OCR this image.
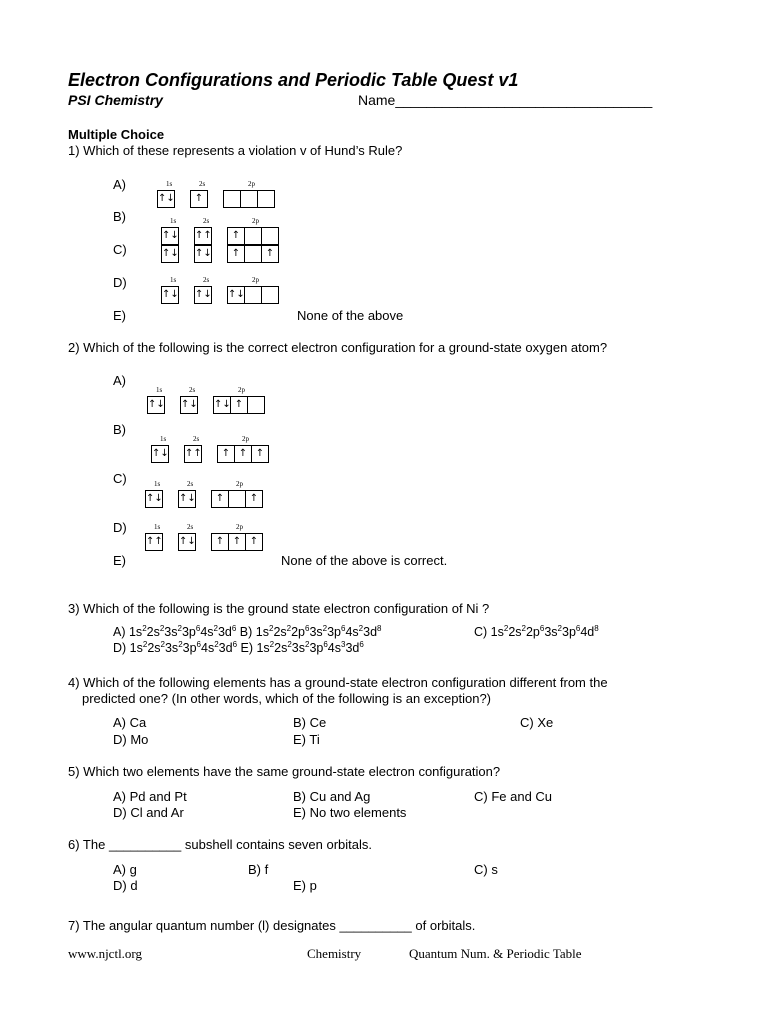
Electron Configurations and Periodic Table Quest v1
PSI Chemistry	Name_________________________________
Multiple Choice
1) Which of these represents a violation v of Hund’s Rule?
A)
B)
C)
D)
E)	None of the above
1s	2s	2p
↑↓	↑
1s	2s	2p
↑↓ ↑↑	↑
↑↓ ↑↓	↑	↑
1s	2s	2p
↑↓ ↑↓ ↑↓
2) Which of the following is the correct electron configuration for a ground-state oxygen atom?
A)
B)
C)
D)
E)	None of the above is correct.
1s	2s	2p
↑↓ ↑↓ ↑↓ ↑
1s	2s	2p
↑↓ ↑↑	↑ ↑ ↑
1s	2s	2p
↑↓ ↑↓	↑	↑
1s	2s	2p
↑↑ ↑↓	↑ ↑ ↑
3) Which of the following is the ground state electron configuration of Ni ?
A) $1s^22s^23s^23p^64s^23d^6$ B) $1s^22s^22p^63s^23p^64s^23d^8$	C) $1s^22s^22p^63s^23p^64d^8$
D) $1s^22s^23s^23p^64s^23d^6$ E) $1s^22s^23s^23p^64s^33d^6$
4) Which of the following elements has a ground-state electron configuration different from the
predicted one? (In other words, which of the following is an exception?)
A) Ca	B) Ce	C) Xe
D) Mo	E) Ti
5) Which two elements have the same ground-state electron configuration?
A) Pd and Pt	B) Cu and Ag	C) Fe and Cu
D) Cl and Ar	E) No two elements
6) The __________ subshell contains seven orbitals.
A) g	B) f	C) s
D) d	E) p
7) The angular quantum number (l) designates __________ of orbitals.
www.njctl.org	Chemistry	Quantum Num. & Periodic Table
